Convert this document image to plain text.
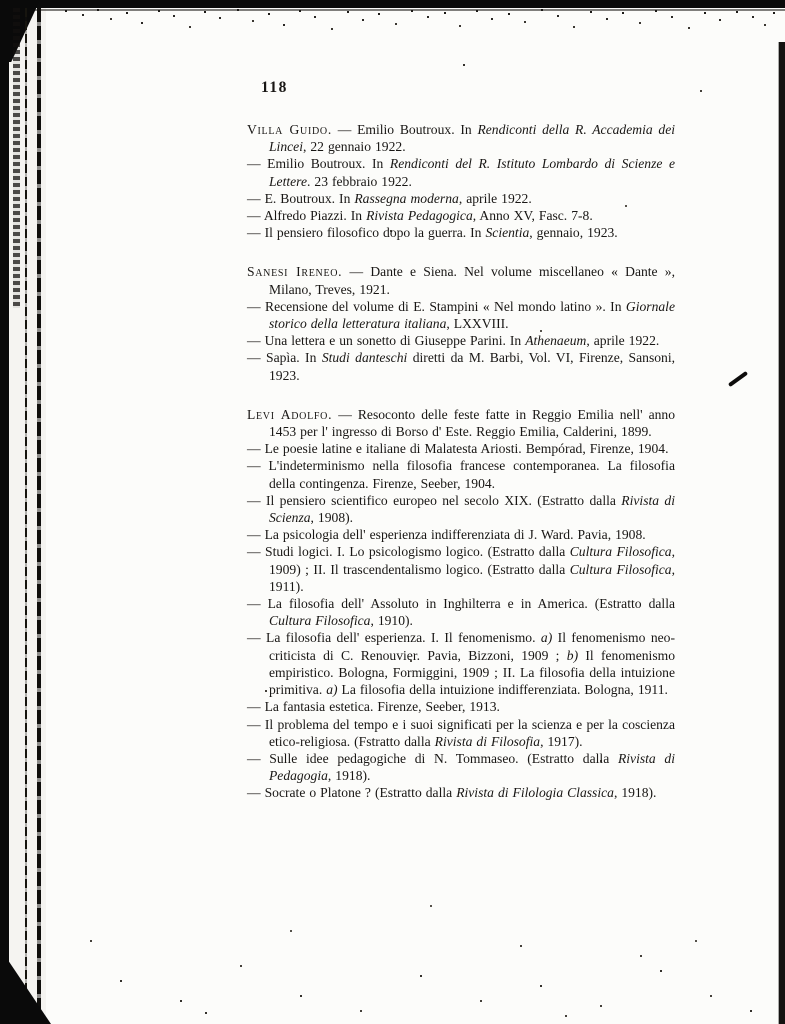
118

Villa Guido. — Emilio Boutroux. In Rendiconti della R. Accademia dei Lincei, 22 gennaio 1922.

— Emilio Boutroux. In Rendiconti del R. Istituto Lombardo di Scienze e Lettere. 23 febbraio 1922.

— E. Boutroux. In Rassegna moderna, aprile 1922.

— Alfredo Piazzi. In Rivista Pedagogica, Anno XV, Fasc. 7-8.

— Il pensiero filosofico dopo la guerra. In Scientia, gennaio, 1923.

Sanesi Ireneo. — Dante e Siena. Nel volume miscellaneo « Dante », Milano, Treves, 1921.

— Recensione del volume di E. Stampini « Nel mondo latino ». In Giornale storico della letteratura italiana, LXXVIII.

— Una lettera e un sonetto di Giuseppe Parini. In Athenaeum, aprile 1922.

— Sapìa. In Studi danteschi diretti da M. Barbi, Vol. VI, Firenze, Sansoni, 1923.

Levi Adolfo. — Resoconto delle feste fatte in Reggio Emilia nell' anno 1453 per l' ingresso di Borso d' Este. Reggio Emilia, Calderini, 1899.

— Le poesie latine e italiane di Malatesta Ariosti. Bempórad, Firenze, 1904.

— L'indeterminismo nella filosofia francese contemporanea. La filosofia della contingenza. Firenze, Seeber, 1904.

— Il pensiero scientifico europeo nel secolo XIX. (Estratto dalla Rivista di Scienza, 1908).

— La psicologia dell' esperienza indifferenziata di J. Ward. Pavia, 1908.

— Studi logici. I. Lo psicologismo logico. (Estratto dalla Cultura Filosofica, 1909) ; II. Il trascendentalismo logico. (Estratto dalla Cultura Filosofica, 1911).

— La filosofia dell' Assoluto in Inghilterra e in America. (Estratto dalla Cultura Filosofica, 1910).

— La filosofia dell' esperienza. I. Il fenomenismo. a) Il fenomenismo neo-criticista di C. Renouvier. Pavia, Bizzoni, 1909 ; b) Il fenomenismo empiristico. Bologna, Formiggini, 1909 ; II. La filosofia della intuizione primitiva. a) La filosofia della intuizione indifferenziata. Bologna, 1911.

— La fantasia estetica. Firenze, Seeber, 1913.

— Il problema del tempo e i suoi significati per la scienza e per la coscienza etico-religiosa. (Fstratto dalla Rivista di Filosofia, 1917).

— Sulle idee pedagogiche di N. Tommaseo. (Estratto dalla Rivista di Pedagogia, 1918).

— Socrate o Platone ? (Estratto dalla Rivista di Filologia Classica, 1918).
